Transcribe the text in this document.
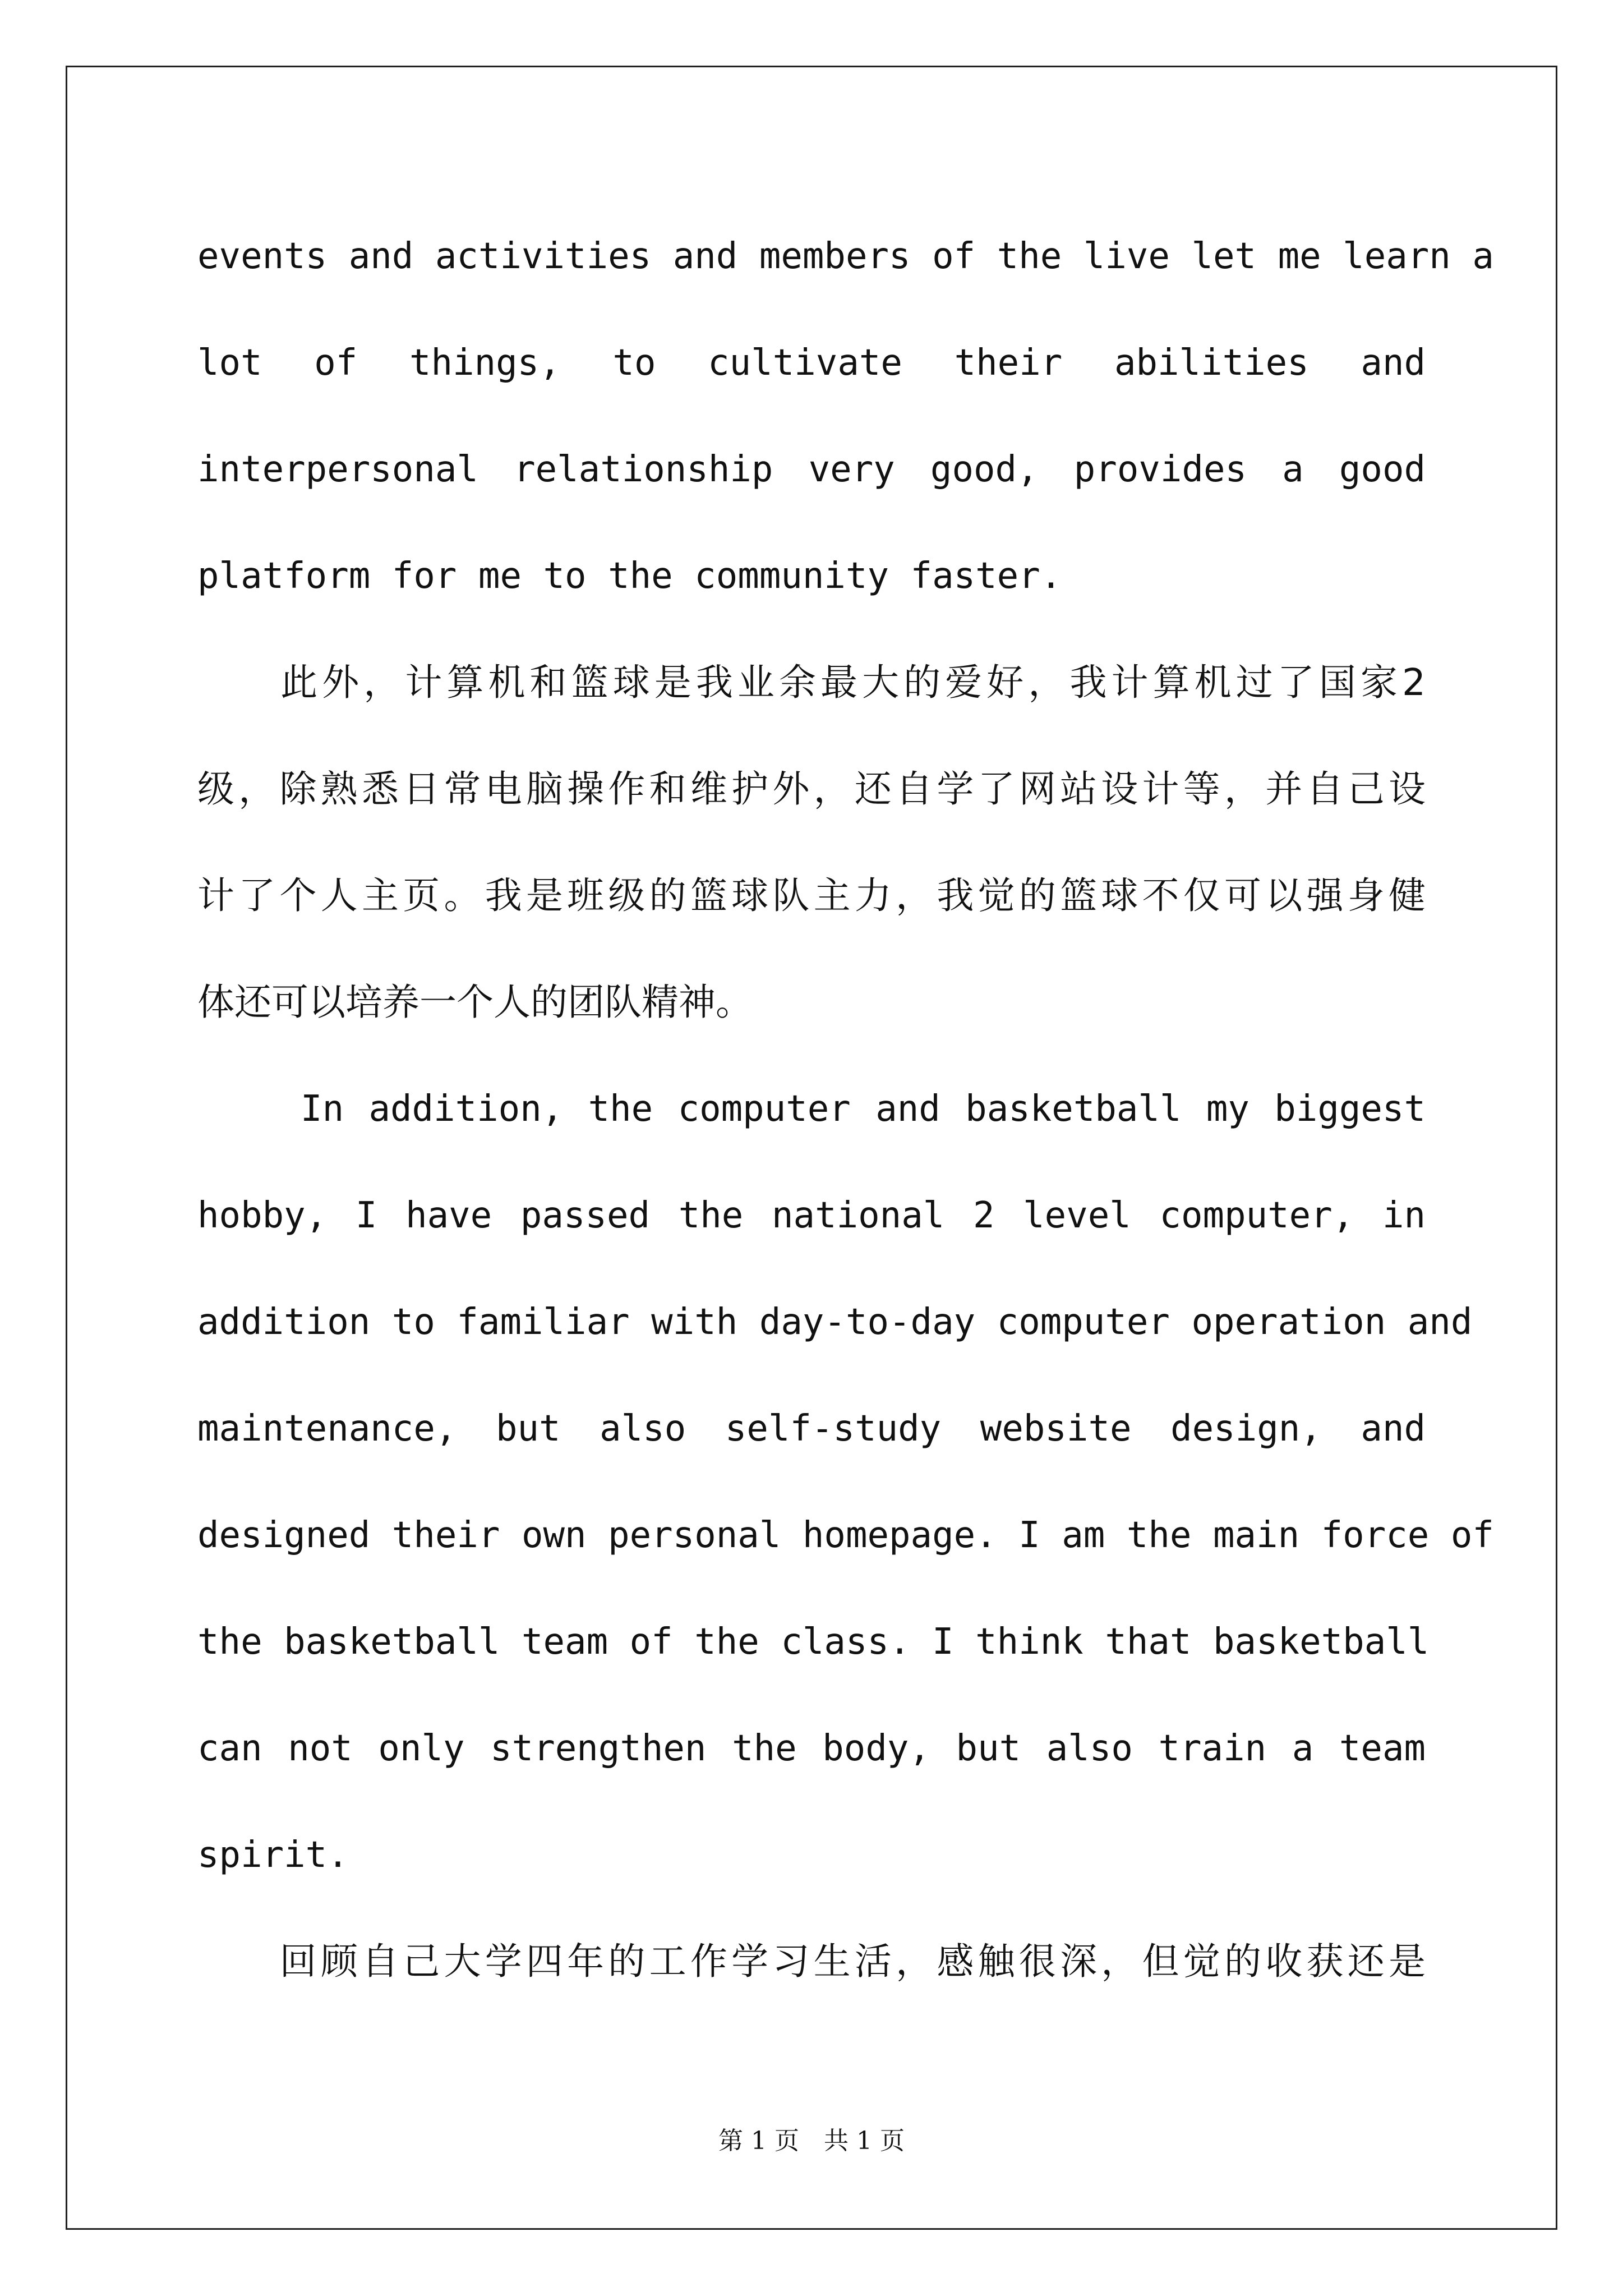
events and activities and members of the live let me learn a
lot of things, to cultivate their abilities and
interpersonal relationship very good, provides a good
platform for me to the community faster.
　　此外，计算机和篮球是我业余最大的爱好，我计算机过了国家2
级，除熟悉日常电脑操作和维护外，还自学了网站设计等，并自己设
计了个人主页。我是班级的篮球队主力，我觉的篮球不仅可以强身健
体还可以培养一个人的团队精神。
　　 In addition, the computer and basketball my biggest
hobby, I have passed the national 2 level computer, in
addition to familiar with day-to-day computer operation and
maintenance, but also self-study website design, and
designed their own personal homepage. I am the main force of
the basketball team of the class. I think that basketball
can not only strengthen the body, but also train a team
spirit.
　　回顾自己大学四年的工作学习生活，感触很深，但觉的收获还是
第 1 页　共 1 页
